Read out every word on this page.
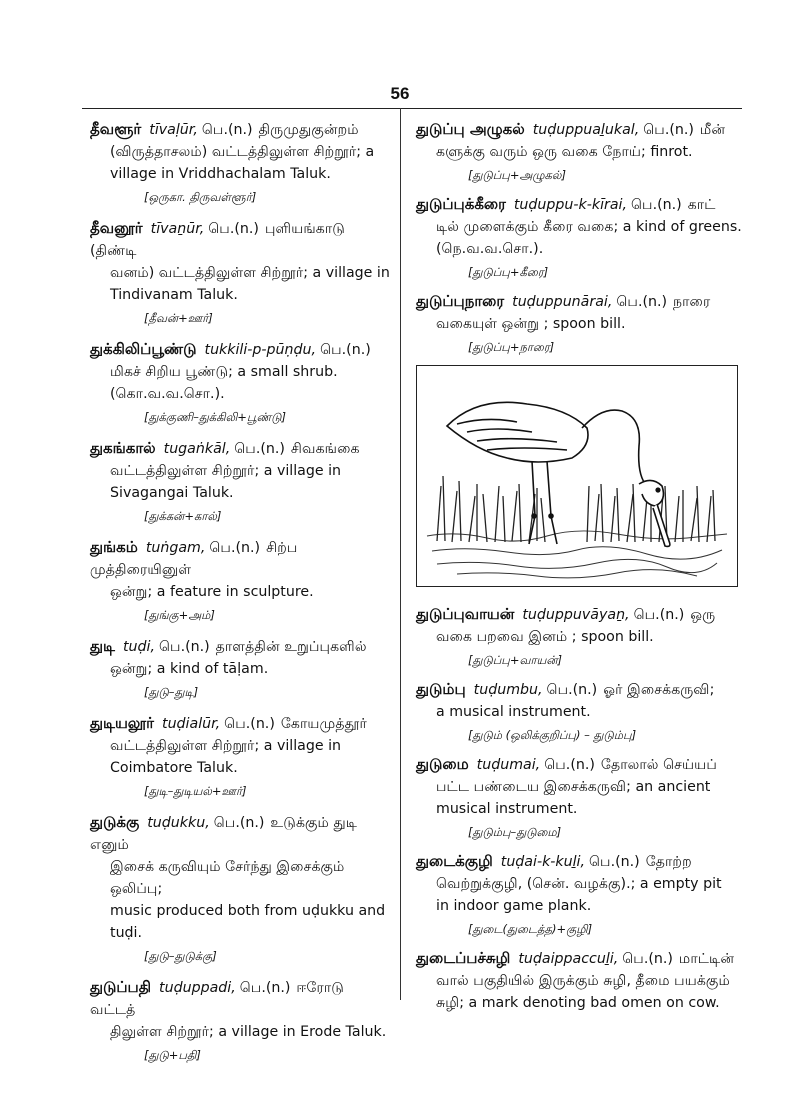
56
தீவளூர் tīvaḷūr, பெ.(n.) திருமுதுகுன்றம்
(விருத்தாசலம்) வட்டத்திலுள்ள சிற்றூர்; a
village in Vriddhachalam Taluk.
[ஒருகா. திருவள்ளூர்]
தீவனூர் tīvaṉūr, பெ.(n.) புளியங்காடு (திண்டி
வனம்) வட்டத்திலுள்ள சிற்றூர்; a village in
Tindivanam Taluk.
[தீவன்+ஊர்]
துக்கிலிப்பூண்டு tukkili-p-pūṇḍu, பெ.(n.)
மிகச் சிறிய பூண்டு; a small shrub.
(கொ.வ.வ.சொ.).
[துக்குணி–துக்கிலி+பூண்டு]
துகங்கால் tugaṅkāl, பெ.(n.) சிவகங்கை
வட்டத்திலுள்ள சிற்றூர்; a village in
Sivagangai Taluk.
[துக்கன்+கால்]
துங்கம் tuṅgam, பெ.(n.) சிற்ப முத்திரையினுள்
ஒன்று; a feature in sculpture.
[துங்கு+அம்]
துடி tuḍi, பெ.(n.) தாளத்தின் உறுப்புகளில்
ஒன்று; a kind of tāḷam.
[துடு–துடி]
துடியலூர் tuḍialūr, பெ.(n.) கோயமுத்தூர்
வட்டத்திலுள்ள சிற்றூர்; a village in
Coimbatore Taluk.
[துடி–துடியல்+ஊர்]
துடுக்கு tuḍukku, பெ.(n.) உடுக்கும் துடி எனும்
இசைக் கருவியும் சேர்ந்து இசைக்கும் ஒலிப்பு;
music produced both from uḍukku and
tuḍi.
[துடு–துடுக்கு]
துடுப்பதி tuḍuppadi, பெ.(n.) ஈரோடு வட்டத்
திலுள்ள சிற்றூர்; a village in Erode Taluk.
[துடு+பதி]
துடுப்பு அழுகல் tuḍuppuaḻukal, பெ.(n.) மீன்
களுக்கு வரும் ஒரு வகை நோய்; finrot.
[துடுப்பு+அழுகல்]
துடுப்புக்கீரை tuḍuppu-k-kīrai, பெ.(n.) காட்
டில் முளைக்கும் கீரை வகை; a kind of greens.
(நெ.வ.வ.சொ.).
[துடுப்பு+கீரை]
துடுப்புநாரை tuḍuppunārai, பெ.(n.) நாரை
வகையுள் ஒன்று ; spoon bill.
[துடுப்பு+நாரை]
துடுப்புவாயன் tuḍuppuvāyaṉ, பெ.(n.) ஒரு
வகை பறவை இனம் ; spoon bill.
[துடுப்பு+வாயன்]
துடும்பு tuḍumbu, பெ.(n.) ஓர் இசைக்கருவி;
a musical instrument.
[துடும் (ஒலிக்குறிப்பு) – துடும்பு]
துடுமை tuḍumai, பெ.(n.) தோலால் செய்யப்
பட்ட பண்டைய இசைக்கருவி; an ancient
musical instrument.
[துடும்பு–துடுமை]
துடைக்குழி tuḍai-k-kuḻi, பெ.(n.) தோற்ற
வெற்றுக்குழி, (சென். வழக்கு).; a empty pit
in indoor game plank.
[துடை(துடைத்த)+குழி]
துடைப்பச்சுழி tuḍaippaccuḻi, பெ.(n.) மாட்டின்
வால் பகுதியில் இருக்கும் சுழி, தீமை பயக்கும்
சுழி; a mark denoting bad omen on cow.
